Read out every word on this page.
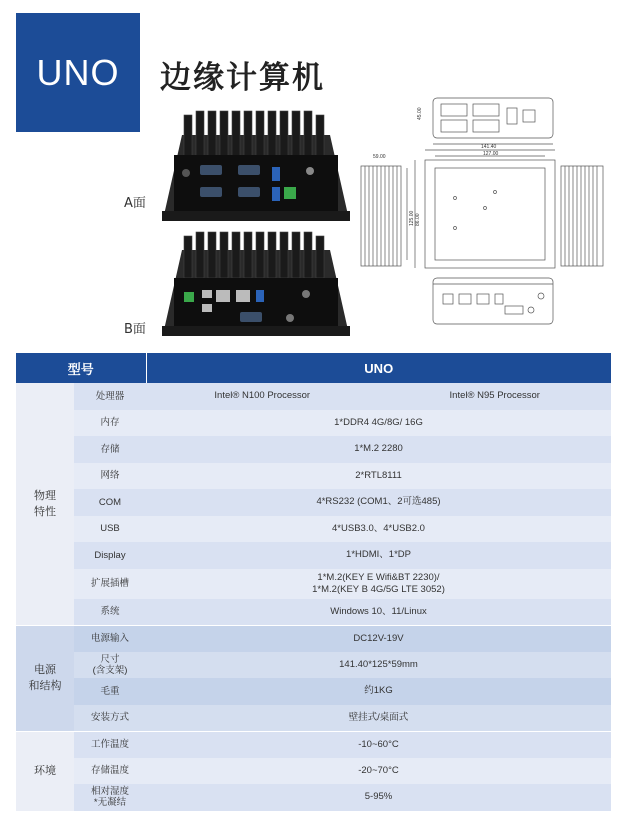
UNO 边缘计算机
A面
B面
45.00
141.40
127.00
59.00
125.00 86.00
型号		UNO
物理
特性	处理器	Intel® N100 Processor Intel® N95 Processor

	内存	1*DDR4 4G/8G/ 16G
	存储	1*M.2 2280
	网络	2*RTL8111
	COM	4*RS232 (COM1、2可选485)
	USB	4*USB3.0、4*USB2.0
	Display	1*HDMI、1*DP
	扩展插槽	1*M.2(KEY E Wifi&BT 2230)/
1*M.2(KEY B 4G/5G LTE 3052)
	系统	Windows 10、11/Linux
电源
和结构	电源输入	DC12V-19V
	尺寸
(含支架)	141.40*125*59mm
	毛重	约1KG
	安装方式	壁挂式/桌面式
环境	工作温度	-10~60°C
	存储温度	-20~70°C
	相对湿度
*无凝结	5-95%
